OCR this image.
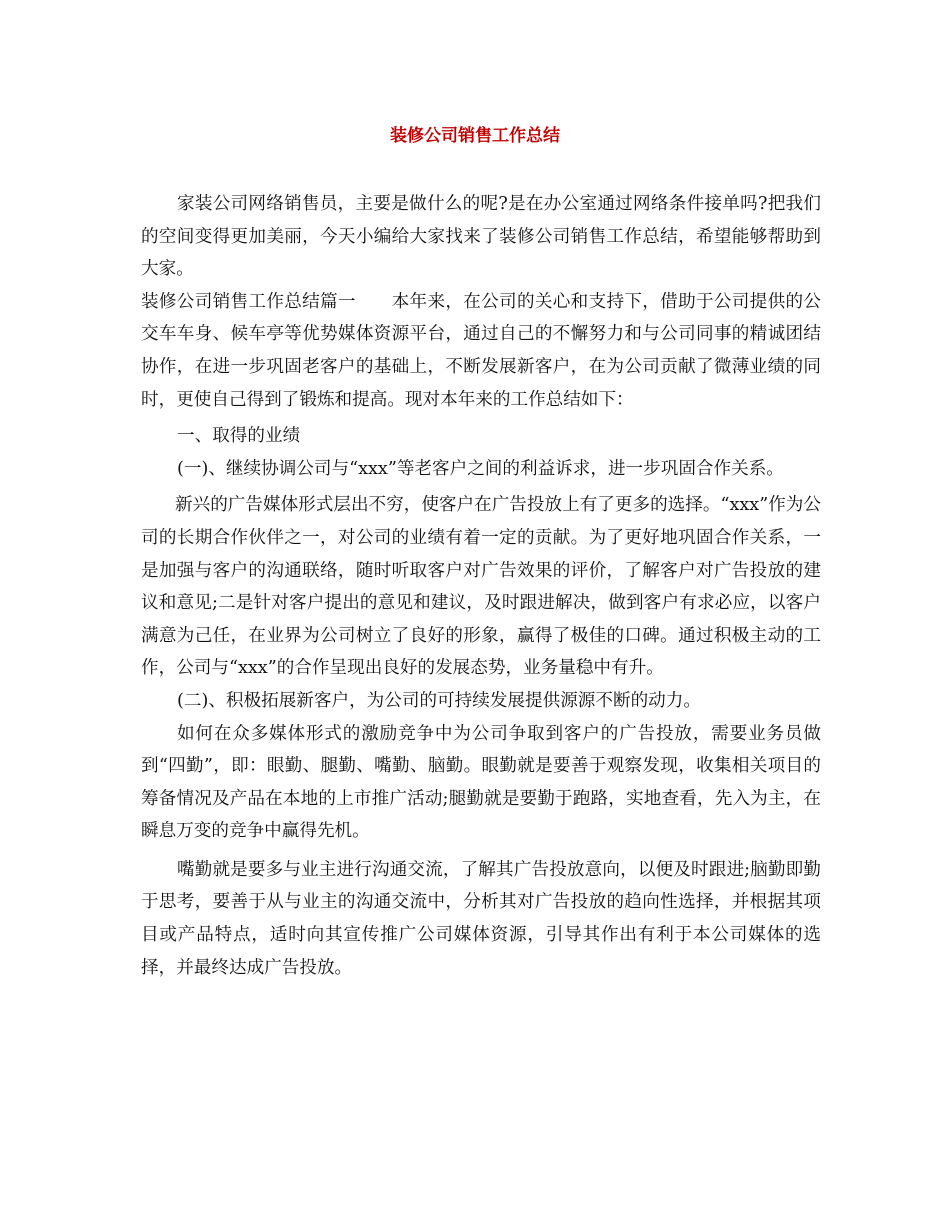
装修公司销售工作总结

家装公司网络销售员，主要是做什么的呢?是在办公室通过网络条件接单吗?把我们的空间变得更加美丽，今天小编给大家找来了装修公司销售工作总结，希望能够帮助到大家。

装修公司销售工作总结篇一　　本年来，在公司的关心和支持下，借助于公司提供的公交车车身、候车亭等优势媒体资源平台，通过自己的不懈努力和与公司同事的精诚团结协作，在进一步巩固老客户的基础上，不断发展新客户，在为公司贡献了微薄业绩的同时，更使自己得到了锻炼和提高。现对本年来的工作总结如下：

一、取得的业绩

(一)、继续协调公司与“xxx”等老客户之间的利益诉求，进一步巩固合作关系。

新兴的广告媒体形式层出不穷，使客户在广告投放上有了更多的选择。“xxx”作为公司的长期合作伙伴之一，对公司的业绩有着一定的贡献。为了更好地巩固合作关系，一是加强与客户的沟通联络，随时听取客户对广告效果的评价，了解客户对广告投放的建议和意见;二是针对客户提出的意见和建议，及时跟进解决，做到客户有求必应，以客户满意为己任，在业界为公司树立了良好的形象，赢得了极佳的口碑。通过积极主动的工作，公司与“xxx”的合作呈现出良好的发展态势，业务量稳中有升。

(二)、积极拓展新客户，为公司的可持续发展提供源源不断的动力。

如何在众多媒体形式的激励竞争中为公司争取到客户的广告投放，需要业务员做到“四勤”，即：眼勤、腿勤、嘴勤、脑勤。眼勤就是要善于观察发现，收集相关项目的筹备情况及产品在本地的上市推广活动;腿勤就是要勤于跑路，实地查看，先入为主，在瞬息万变的竞争中赢得先机。

嘴勤就是要多与业主进行沟通交流，了解其广告投放意向，以便及时跟进;脑勤即勤于思考，要善于从与业主的沟通交流中，分析其对广告投放的趋向性选择，并根据其项目或产品特点，适时向其宣传推广公司媒体资源，引导其作出有利于本公司媒体的选择，并最终达成广告投放。
